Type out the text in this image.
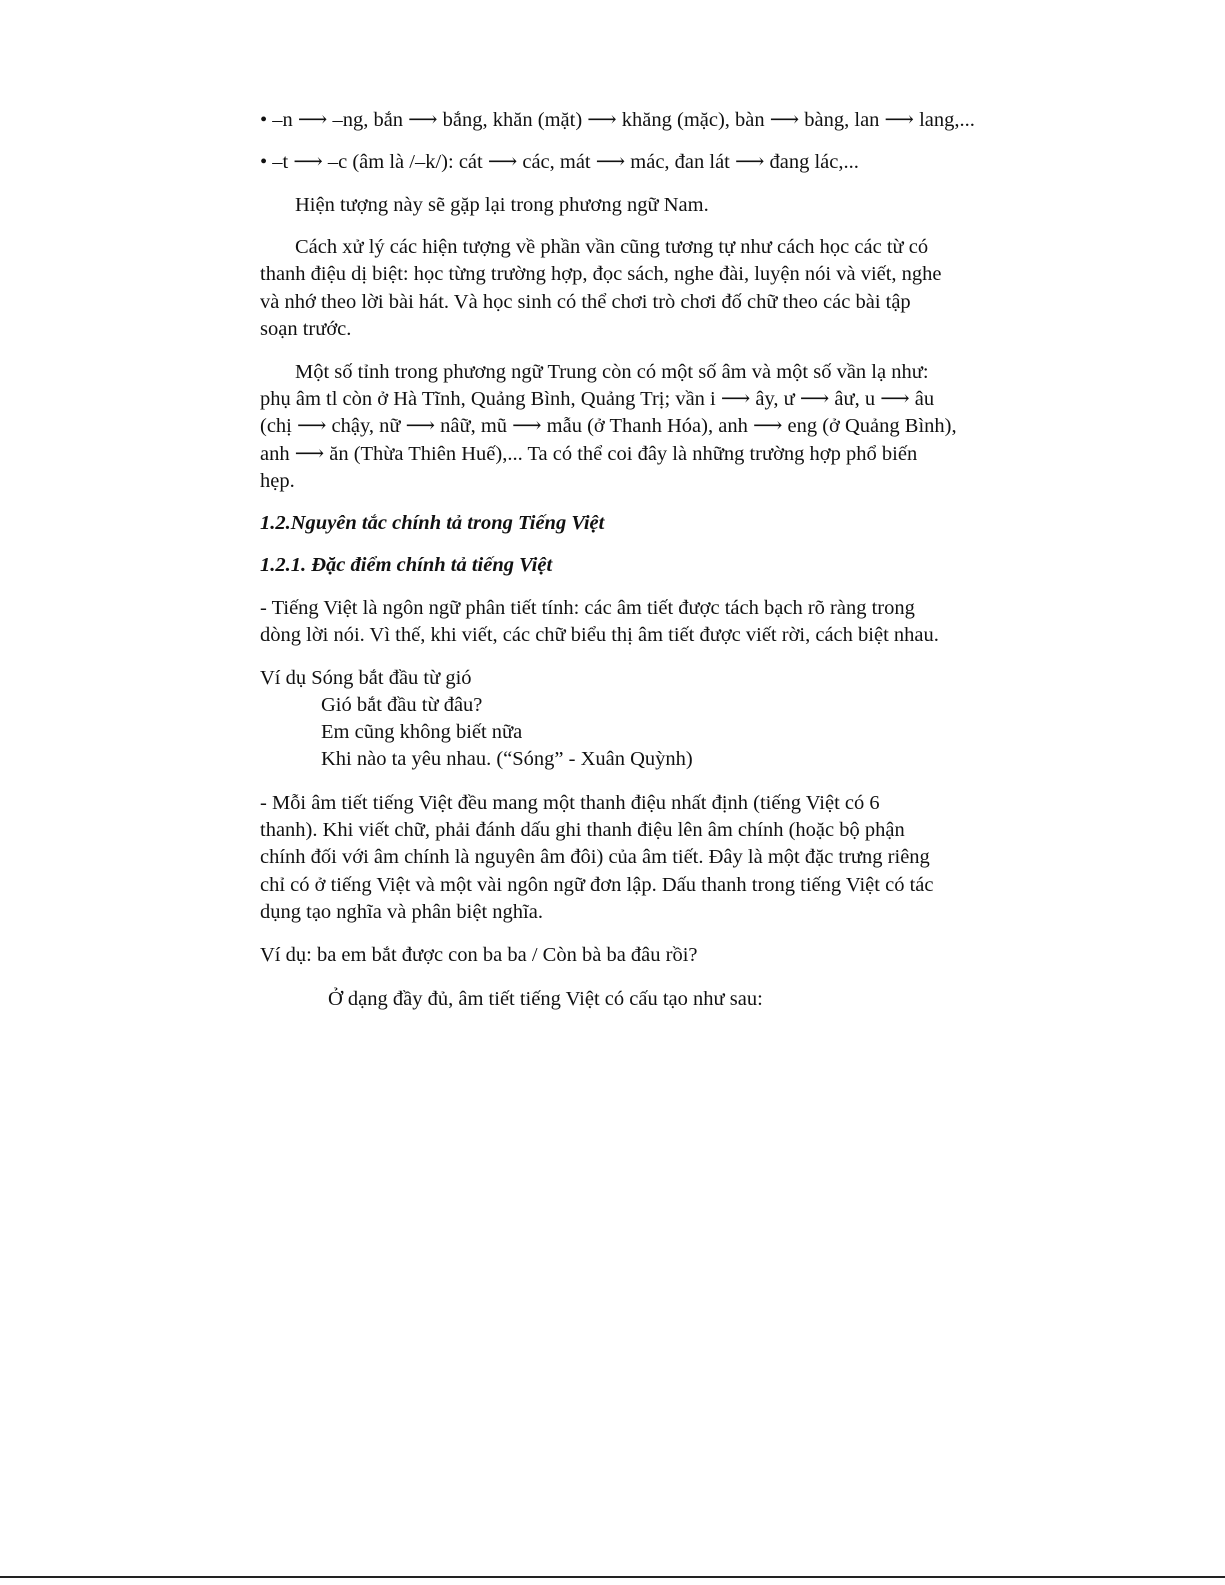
• –n ⟶ –ng, bắn ⟶ bắng, khăn (mặt) ⟶ khăng (mặc), bàn ⟶ bàng, lan ⟶ lang,...
• –t ⟶ –c (âm là /–k/): cát ⟶ các, mát ⟶ mác, đan lát ⟶ đang lác,...
Hiện tượng này sẽ gặp lại trong phương ngữ Nam.
Cách xử lý các hiện tượng về phần vần cũng tương tự như cách học các từ có
thanh điệu dị biệt: học từng trường hợp, đọc sách, nghe đài, luyện nói và viết, nghe
và nhớ theo lời bài hát. Và học sinh có thể chơi trò chơi đố chữ theo các bài tập
soạn trước.
Một số tỉnh trong phương ngữ Trung còn có một số âm và một số vần lạ như:
phụ âm tl còn ở Hà Tĩnh, Quảng Bình, Quảng Trị; vần i ⟶ ây, ư ⟶ âư, u ⟶ âu
(chị ⟶ chậy, nữ ⟶ nâữ, mũ ⟶ mẫu (ở Thanh Hóa), anh ⟶ eng (ở Quảng Bình),
anh ⟶ ăn (Thừa Thiên Huế),... Ta có thể coi đây là những trường hợp phổ biến
hẹp.
1.2.Nguyên tắc chính tả trong Tiếng Việt
1.2.1. Đặc điểm chính tả tiếng Việt
- Tiếng Việt là ngôn ngữ phân tiết tính: các âm tiết được tách bạch rõ ràng trong
dòng lời nói. Vì thế, khi viết, các chữ biểu thị âm tiết được viết rời, cách biệt nhau.
Ví dụ Sóng bắt đầu từ gió
Gió bắt đầu từ đâu?
Em cũng không biết nữa
Khi nào ta yêu nhau. (“Sóng” - Xuân Quỳnh)
- Mỗi âm tiết tiếng Việt đều mang một thanh điệu nhất định (tiếng Việt có 6
thanh). Khi viết chữ, phải đánh dấu ghi thanh điệu lên âm chính (hoặc bộ phận
chính đối với âm chính là nguyên âm đôi) của âm tiết. Đây là một đặc trưng riêng
chỉ có ở tiếng Việt và một vài ngôn ngữ đơn lập. Dấu thanh trong tiếng Việt có tác
dụng tạo nghĩa và phân biệt nghĩa.
Ví dụ: ba em bắt được con ba ba / Còn bà ba đâu rồi?
Ở dạng đầy đủ, âm tiết tiếng Việt có cấu tạo như sau:
